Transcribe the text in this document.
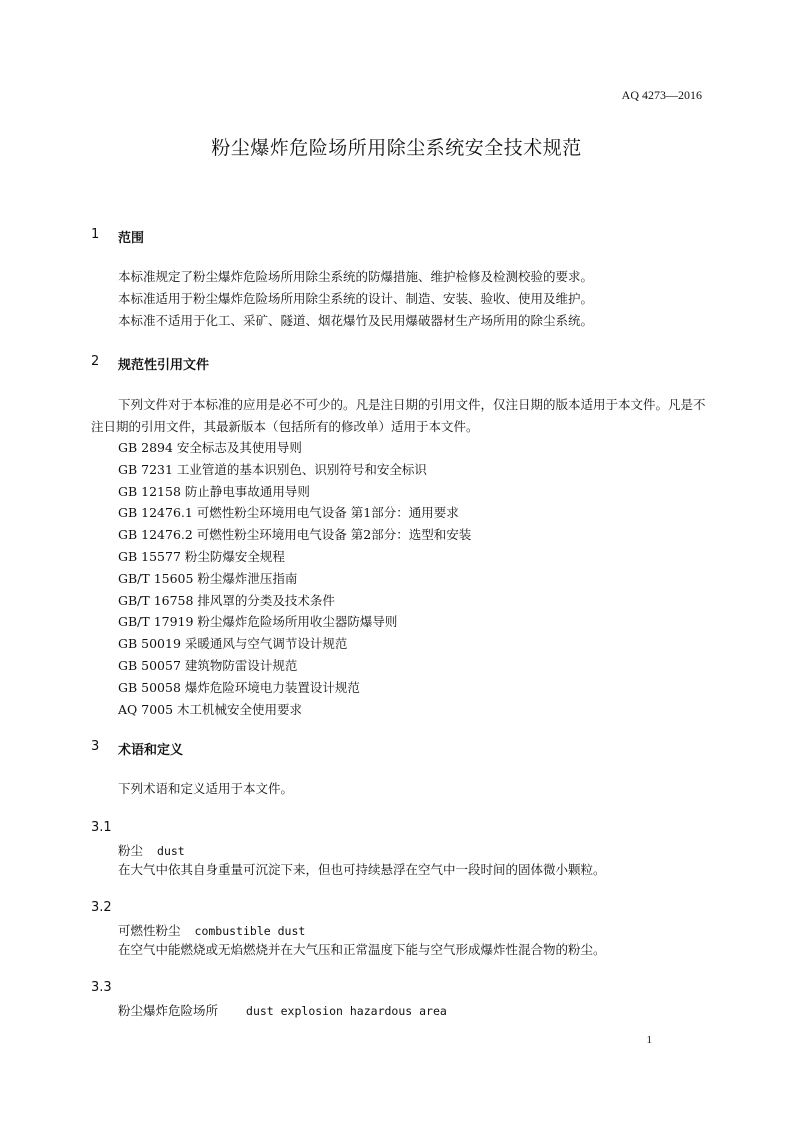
AQ 4273—2016
粉尘爆炸危险场所用除尘系统安全技术规范
1 范围
本标准规定了粉尘爆炸危险场所用除尘系统的防爆措施、维护检修及检测校验的要求。
本标准适用于粉尘爆炸危险场所用除尘系统的设计、制造、安装、验收、使用及维护。
本标准不适用于化工、采矿、隧道、烟花爆竹及民用爆破器材生产场所用的除尘系统。
2 规范性引用文件
下列文件对于本标准的应用是必不可少的。凡是注日期的引用文件，仅注日期的版本适用于本文件。凡是不注日期的引用文件，其最新版本（包括所有的修改单）适用于本文件。
GB 2894 安全标志及其使用导则
GB 7231 工业管道的基本识别色、识别符号和安全标识
GB 12158 防止静电事故通用导则
GB 12476.1 可燃性粉尘环境用电气设备 第1部分：通用要求
GB 12476.2 可燃性粉尘环境用电气设备 第2部分：选型和安装
GB 15577 粉尘防爆安全规程
GB/T 15605 粉尘爆炸泄压指南
GB/T 16758 排风罩的分类及技术条件
GB/T 17919 粉尘爆炸危险场所用收尘器防爆导则
GB 50019 采暖通风与空气调节设计规范
GB 50057 建筑物防雷设计规范
GB 50058 爆炸危险环境电力装置设计规范
AQ 7005 木工机械安全使用要求
3 术语和定义
下列术语和定义适用于本文件。
3.1
粉尘 dust
在大气中依其自身重量可沉淀下来，但也可持续悬浮在空气中一段时间的固体微小颗粒。
3.2
可燃性粉尘 combustible dust
在空气中能燃烧或无焰燃烧并在大气压和正常温度下能与空气形成爆炸性混合物的粉尘。
3.3
粉尘爆炸危险场所 dust explosion hazardous area
1
